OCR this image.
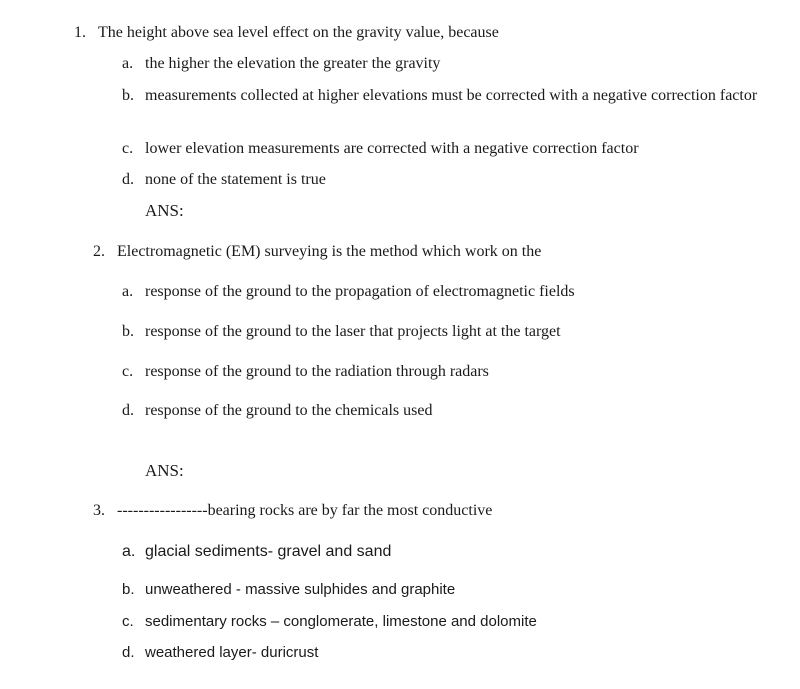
1. The height above sea level effect on the gravity value, because
a. the higher the elevation the greater the gravity
b. measurements collected at higher elevations must be corrected with a negative correction factor
c. lower elevation measurements are corrected with a negative correction factor
d. none of the statement is true
ANS:
2. Electromagnetic (EM) surveying is the method which work on the
a. response of the ground to the propagation of electromagnetic fields
b. response of the ground to the laser that projects light at the target
c. response of the ground to the radiation through radars
d. response of the ground to the chemicals used
ANS:
3. -----------------bearing rocks are by far the most conductive
a. glacial sediments- gravel and sand
b. unweathered - massive sulphides and graphite
c. sedimentary rocks – conglomerate, limestone and dolomite
d. weathered layer- duricrust
